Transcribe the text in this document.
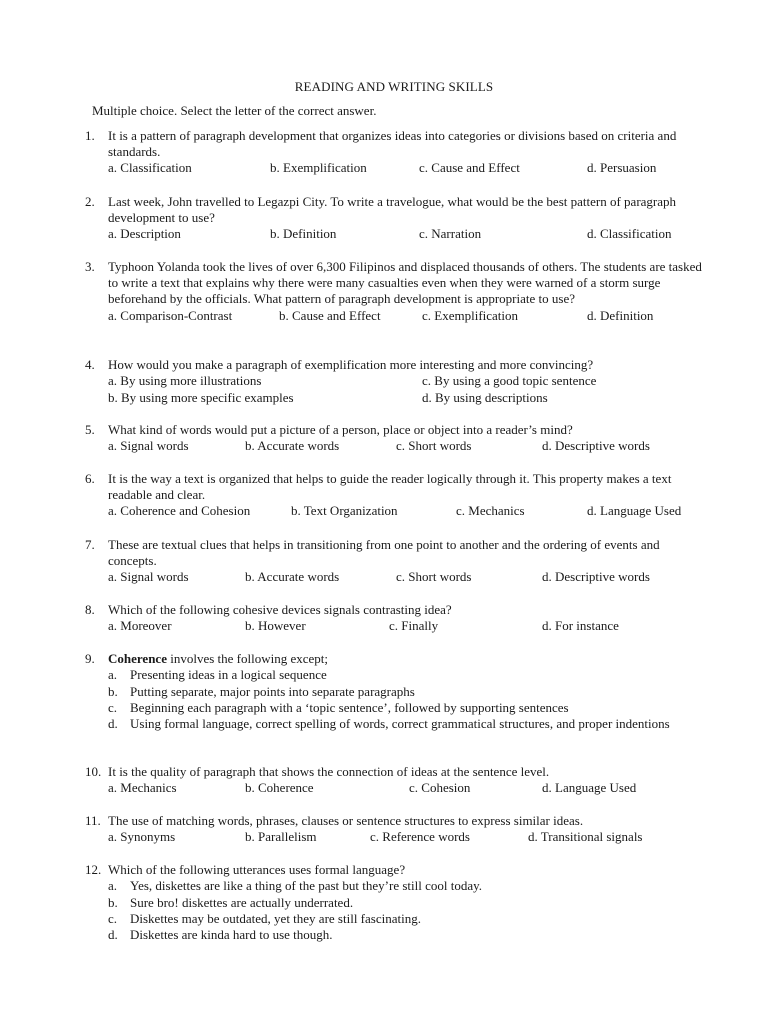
READING AND WRITING SKILLS
Multiple choice. Select the letter of the correct answer.
1. It is a pattern of paragraph development that organizes ideas into categories or divisions based on criteria and standards.
a. Classification	b. Exemplification	c. Cause and Effect	d. Persuasion
2. Last week, John travelled to Legazpi City. To write a travelogue, what would be the best pattern of paragraph development to use?
a. Description	b. Definition	c. Narration	d. Classification
3. Typhoon Yolanda took the lives of over 6,300 Filipinos and displaced thousands of others. The students are tasked to write a text that explains why there were many casualties even when they were warned of a storm surge beforehand by the officials. What pattern of paragraph development is appropriate to use?
a. Comparison-Contrast	b. Cause and Effect	c. Exemplification	d. Definition
4. How would you make a paragraph of exemplification more interesting and more convincing?
a. By using more illustrations	c. By using a good topic sentence
b. By using more specific examples	d. By using descriptions
5. What kind of words would put a picture of a person, place or object into a reader’s mind?
a. Signal words	b. Accurate words	c. Short words	d. Descriptive words
6. It is the way a text is organized that helps to guide the reader logically through it. This property makes a text readable and clear.
a. Coherence and Cohesion	b. Text Organization	c. Mechanics	d. Language Used
7. These are textual clues that helps in transitioning from one point to another and the ordering of events and concepts.
a. Signal words	b. Accurate words	c. Short words	d. Descriptive words
8. Which of the following cohesive devices signals contrasting idea?
a. Moreover	b. However	c. Finally	d. For instance
9. Coherence involves the following except;
a. Presenting ideas in a logical sequence
b. Putting separate, major points into separate paragraphs
c. Beginning each paragraph with a ‘topic sentence’, followed by supporting sentences
d. Using formal language, correct spelling of words, correct grammatical structures, and proper indentions
10. It is the quality of paragraph that shows the connection of ideas at the sentence level.
a. Mechanics	b. Coherence	c. Cohesion	d. Language Used
11. The use of matching words, phrases, clauses or sentence structures to express similar ideas.
a. Synonyms	b. Parallelism	c. Reference words	d. Transitional signals
12. Which of the following utterances uses formal language?
a. Yes, diskettes are like a thing of the past but they’re still cool today.
b. Sure bro! diskettes are actually underrated.
c. Diskettes may be outdated, yet they are still fascinating.
d. Diskettes are kinda hard to use though.
